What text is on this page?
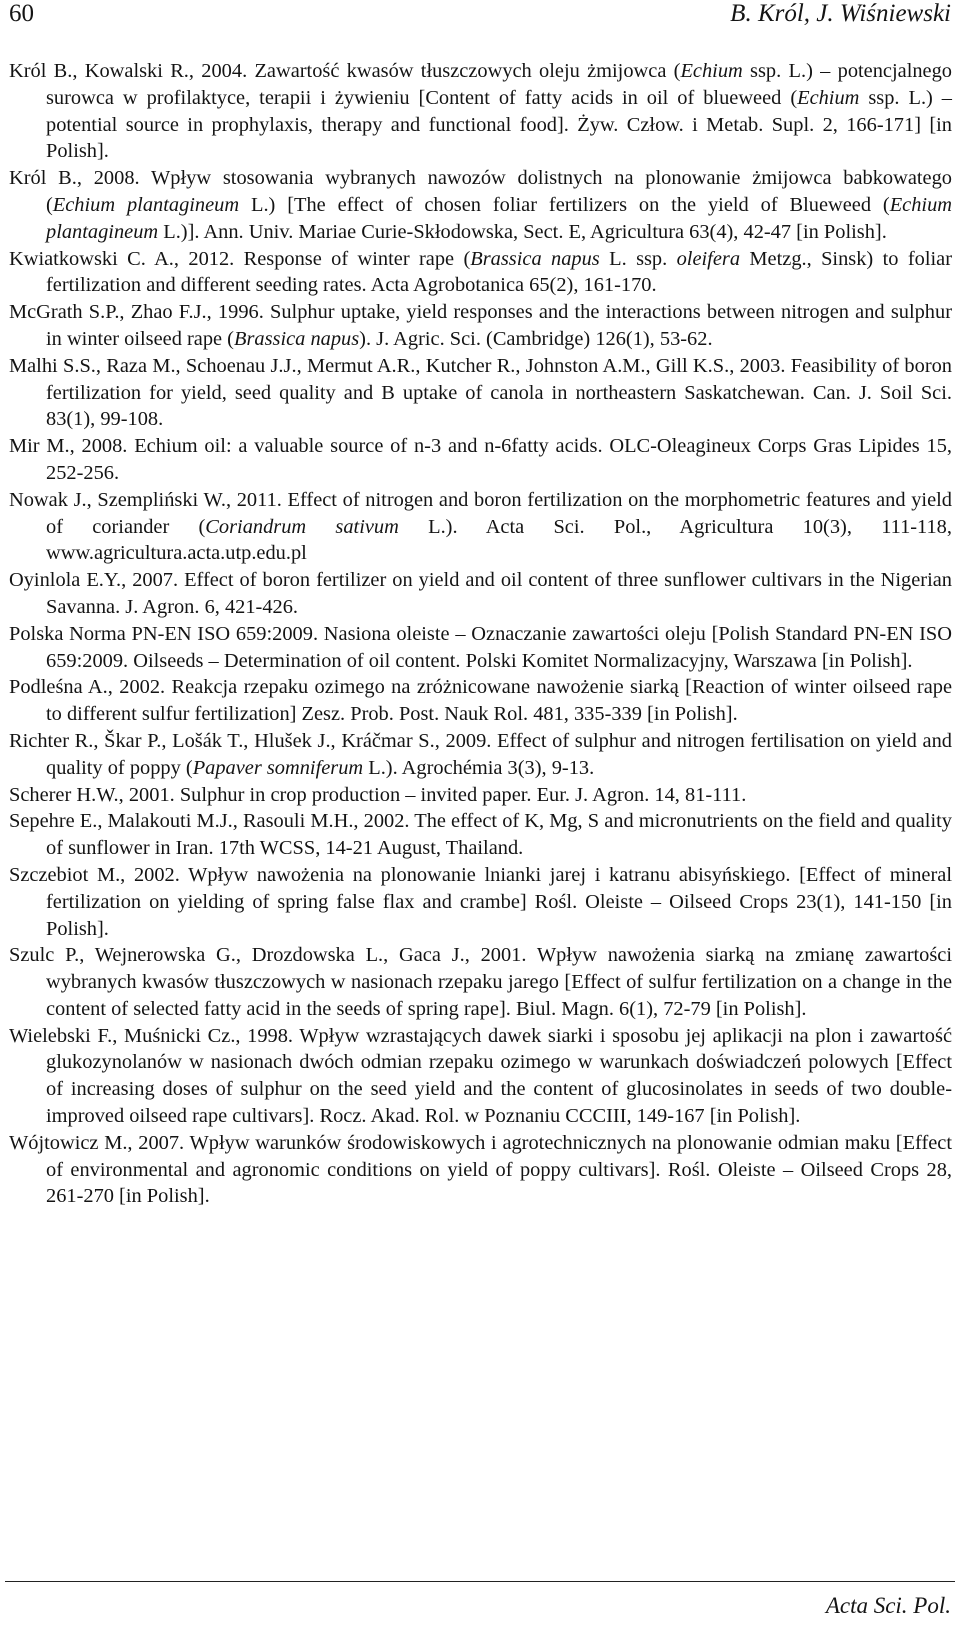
60	B. Król, J. Wiśniewski

Król B., Kowalski R., 2004. Zawartość kwasów tłuszczowych oleju żmijowca (Echium ssp. L.) – potencjalnego surowca w profilaktyce, terapii i żywieniu [Content of fatty acids in oil of blueweed (Echium ssp. L.) – potential source in prophylaxis, therapy and functional food]. Żyw. Człow. i Metab. Supl. 2, 166-171] [in Polish].

Król B., 2008. Wpływ stosowania wybranych nawozów dolistnych na plonowanie żmijowca babkowatego (Echium plantagineum L.) [The effect of chosen foliar fertilizers on the yield of Blueweed (Echium plantagineum L.)]. Ann. Univ. Mariae Curie-Skłodowska, Sect. E, Agricultura 63(4), 42-47 [in Polish].

Kwiatkowski C. A., 2012. Response of winter rape (Brassica napus L. ssp. oleifera Metzg., Sinsk) to foliar fertilization and different seeding rates. Acta Agrobotanica 65(2), 161-170.

McGrath S.P., Zhao F.J., 1996. Sulphur uptake, yield responses and the interactions between nitrogen and sulphur in winter oilseed rape (Brassica napus). J. Agric. Sci. (Cambridge) 126(1), 53-62.

Malhi S.S., Raza M., Schoenau J.J., Mermut A.R., Kutcher R., Johnston A.M., Gill K.S., 2003. Feasibility of boron fertilization for yield, seed quality and B uptake of canola in northeastern Saskatchewan. Can. J. Soil Sci. 83(1), 99-108.

Mir M., 2008. Echium oil: a valuable source of n-3 and n-6fatty acids. OLC-Oleagineux Corps Gras Lipides 15, 252-256.

Nowak J., Szempliński W., 2011. Effect of nitrogen and boron fertilization on the morphometric features and yield of coriander (Coriandrum sativum L.). Acta Sci. Pol., Agricultura 10(3), 111-118, www.agricultura.acta.utp.edu.pl

Oyinlola E.Y., 2007. Effect of boron fertilizer on yield and oil content of three sunflower cultivars in the Nigerian Savanna. J. Agron. 6, 421-426.

Polska Norma PN-EN ISO 659:2009. Nasiona oleiste – Oznaczanie zawartości oleju [Polish Standard PN-EN ISO 659:2009. Oilseeds – Determination of oil content. Polski Komitet Normalizacyjny, Warszawa [in Polish].

Podleśna A., 2002. Reakcja rzepaku ozimego na zróżnicowane nawożenie siarką [Reaction of winter oilseed rape to different sulfur fertilization] Zesz. Prob. Post. Nauk Rol. 481, 335-339 [in Polish].

Richter R., Škar P., Lošák T., Hlušek J., Kráčmar S., 2009. Effect of sulphur and nitrogen fertilisation on yield and quality of poppy (Papaver somniferum L.). Agrochémia 3(3), 9-13.

Scherer H.W., 2001. Sulphur in crop production – invited paper. Eur. J. Agron. 14, 81-111.

Sepehre E., Malakouti M.J., Rasouli M.H., 2002. The effect of K, Mg, S and micronutrients on the field and quality of sunflower in Iran. 17th WCSS, 14-21 August, Thailand.

Szczebiot M., 2002. Wpływ nawożenia na plonowanie lnianki jarej i katranu abisyńskiego. [Effect of mineral fertilization on yielding of spring false flax and crambe] Rośl. Oleiste – Oilseed Crops 23(1), 141-150 [in Polish].

Szulc P., Wejnerowska G., Drozdowska L., Gaca J., 2001. Wpływ nawożenia siarką na zmianę zawartości wybranych kwasów tłuszczowych w nasionach rzepaku jarego [Effect of sulfur fertilization on a change in the content of selected fatty acid in the seeds of spring rape]. Biul. Magn. 6(1), 72-79 [in Polish].

Wielebski F., Muśnicki Cz., 1998. Wpływ wzrastających dawek siarki i sposobu jej aplikacji na plon i zawartość glukozynolanów w nasionach dwóch odmian rzepaku ozimego w warunkach doświadczeń polowych [Effect of increasing doses of sulphur on the seed yield and the content of glucosinolates in seeds of two double-improved oilseed rape cultivars]. Rocz. Akad. Rol. w Poznaniu CCCIII, 149-167 [in Polish].

Wójtowicz M., 2007. Wpływ warunków środowiskowych i agrotechnicznych na plonowanie odmian maku [Effect of environmental and agronomic conditions on yield of poppy cultivars]. Rośl. Oleiste – Oilseed Crops 28, 261-270 [in Polish].

Acta Sci. Pol.
